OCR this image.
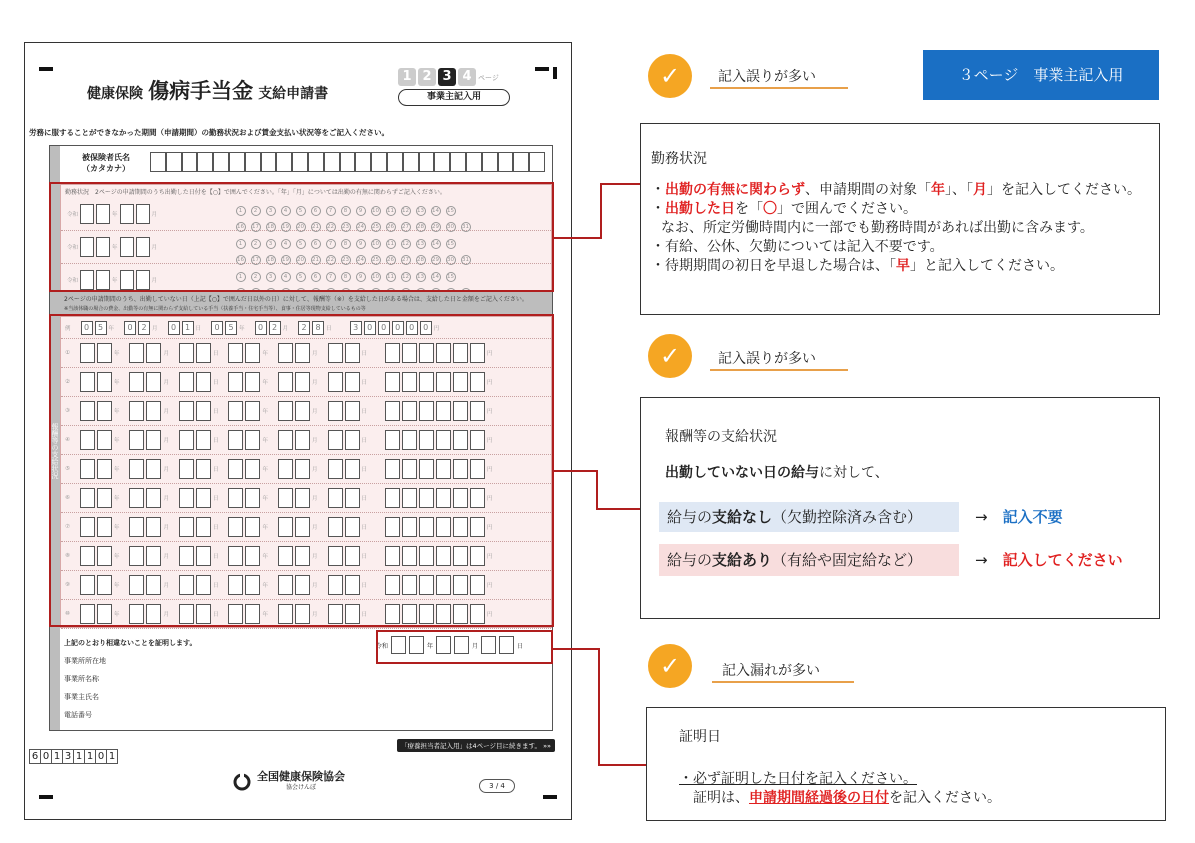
健康保険 傷病手当金 支給申請書
1 2 3 4 ページ
事業主記入用
労務に服することができなかった期間（申請期間）の勤務状況および賃金支払い状況等をご記入ください。
報酬等の支給状況
被保険者氏名
（カタカナ）
勤務状況　2ページの申請期間のうち出勤した日付を【○】で囲んでください。「年」「月」については出勤の有無に関わらずご記入ください。
令和	年	月
1 2 3 4 5 6 7 8 9 10 11 12 13 14 15
16 17 18 19 20 21 22 23 24 25 26 27 28 29 30 31
令和	年	月
1 2 3 4 5 6 7 8 9 10 11 12 13 14 15
16 17 18 19 20 21 22 23 24 25 26 27 28 29 30 31
令和	年	月
1 2 3 4 5 6 7 8 9 10 11 12 13 14 15
2ページの申請期間のうち、出勤していない日（上記【○】で囲んだ日以外の日）に対して、報酬等（※）を支給した日がある場合は、支給した日と金額をご記入ください。
※当該休職の場合の費金、出勤等の有無に関わらず支給している手当（扶養手当・住宅手当等）、食事・住居等現物支給しているもの等
例	0	5 年	0	2 月	0	1 日	0	5 年	0	2 月	2	8 日	3	0	0	0	0	0 円
①	年	月	日	年	月	日	円
②	年	月	日	年	月	日	円
③	年	月	日	年	月	日	円
④	年	月	日	年	月	日	円
⑤	年	月	日	年	月	日	円
⑥	年	月	日	年	月	日	円
⑦	年	月	日	年	月	日	円
⑧	年	月	日	年	月	日	円
⑨	年	月	日	年	月	日	円
⑩	年	月	日	年	月	日	円
上記のとおり相違ないことを証明します。
事業所所在地
事業所名称
事業主氏名
電話番号
令和	年	月	日
6 0 1 3 1 1 0 1
「療養担当者記入用」は4ページ目に続きます。 »»
全国健康保険協会
協会けんぽ	3 / 4
✓	記入誤りが多い	３ページ　事業主記入用
勤務状況
・出勤の有無に関わらず、申請期間の対象「年」、「月」を記入してください。
・出勤した日を「〇」で囲んでください。
なお、所定労働時間内に一部でも勤務時間があれば出勤に含みます。
・有給、公休、欠勤については記入不要です。
・待期期間の初日を早退した場合は、「早」と記入してください。
✓	記入誤りが多い
報酬等の支給状況
出勤していない日の給与に対して、
給与の支給なし（欠勤控除済み含む）	→　 記入不要
給与の支給あり（有給や固定給など）	→　 記入してください
✓	記入漏れが多い
証明日
・必ず証明した日付を記入ください。
証明は、申請期間経過後の日付を記入ください。
